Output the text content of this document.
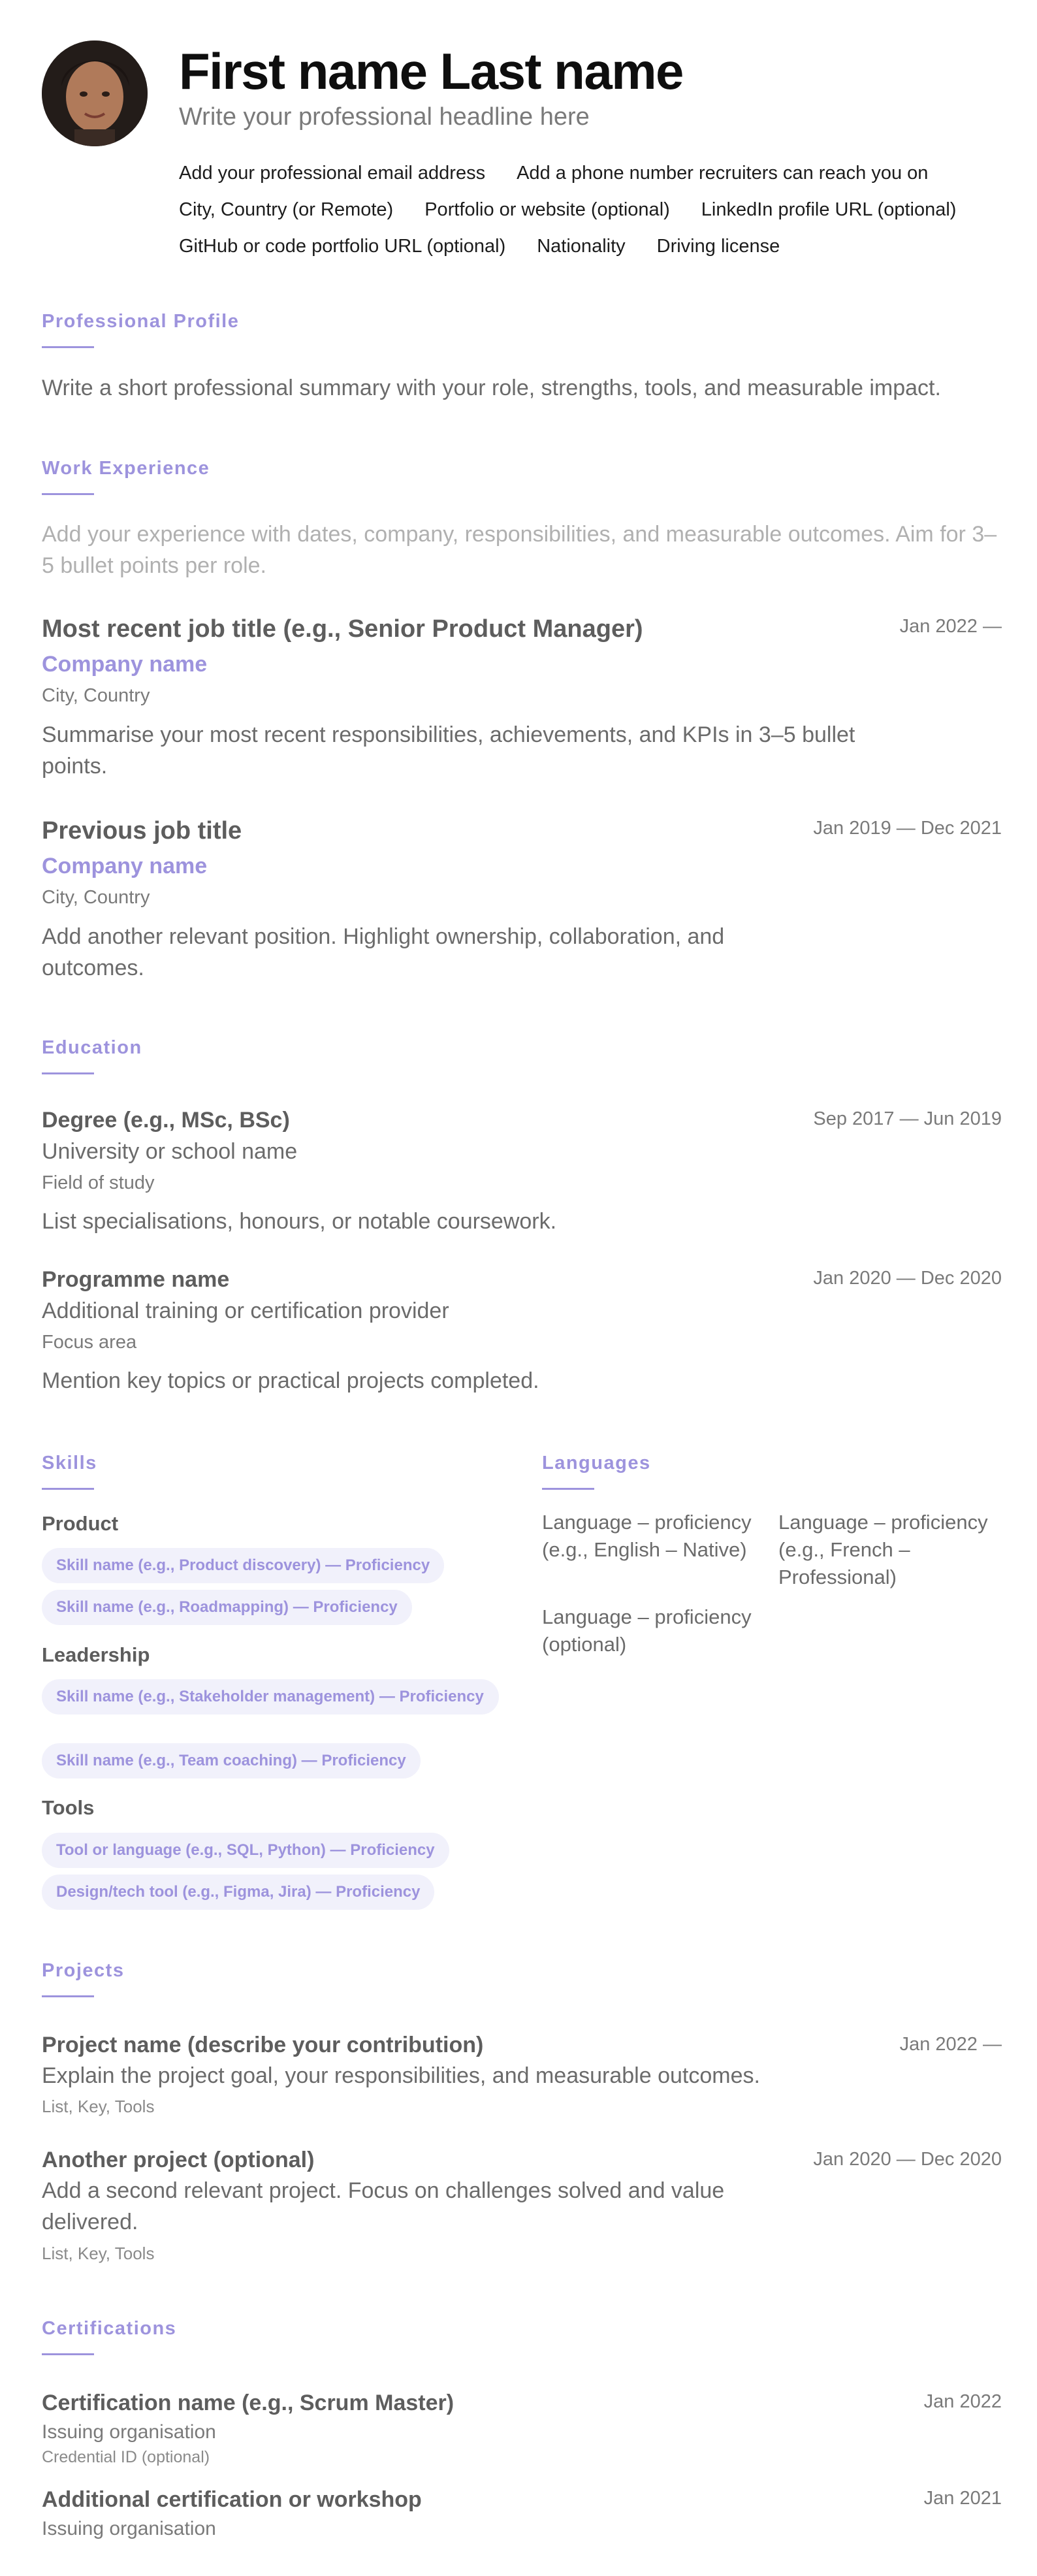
First name Last name
Write your professional headline here
Add your professional email address Add a phone number recruiters can reach you on
City, Country (or Remote) Portfolio or website (optional) LinkedIn profile URL (optional)
GitHub or code portfolio URL (optional) Nationality Driving license
Professional Profile
Write a short professional summary with your role, strengths, tools, and measurable impact.
Work Experience
Add your experience with dates, company, responsibilities, and measurable outcomes. Aim for 3–5 bullet points per role.
Most recent job title (e.g., Senior Product Manager)	Jan 2022 —
Company name
City, Country
Summarise your most recent responsibilities, achievements, and KPIs in 3–5 bullet points.
Previous job title	Jan 2019 — Dec 2021
Company name
City, Country
Add another relevant position. Highlight ownership, collaboration, and outcomes.
Education
Degree (e.g., MSc, BSc)	Sep 2017 — Jun 2019
University or school name
Field of study
List specialisations, honours, or notable coursework.
Programme name	Jan 2020 — Dec 2020
Additional training or certification provider
Focus area
Mention key topics or practical projects completed.
Skills
Product
Skill name (e.g., Product discovery) — Proficiency
Skill name (e.g., Roadmapping) — Proficiency
Leadership
Skill name (e.g., Stakeholder management) — Proficiency
Skill name (e.g., Team coaching) — Proficiency
Tools
Tool or language (e.g., SQL, Python) — Proficiency
Design/tech tool (e.g., Figma, Jira) — Proficiency
Languages
Language – proficiency (e.g., English – Native)
Language – proficiency (e.g., French – Professional)
Language – proficiency (optional)
Projects
Project name (describe your contribution)	Jan 2022 —
Explain the project goal, your responsibilities, and measurable outcomes.
List, Key, Tools
Another project (optional)	Jan 2020 — Dec 2020
Add a second relevant project. Focus on challenges solved and value delivered.
List, Key, Tools
Certifications
Certification name (e.g., Scrum Master)	Jan 2022
Issuing organisation
Credential ID (optional)
Additional certification or workshop	Jan 2021
Issuing organisation
